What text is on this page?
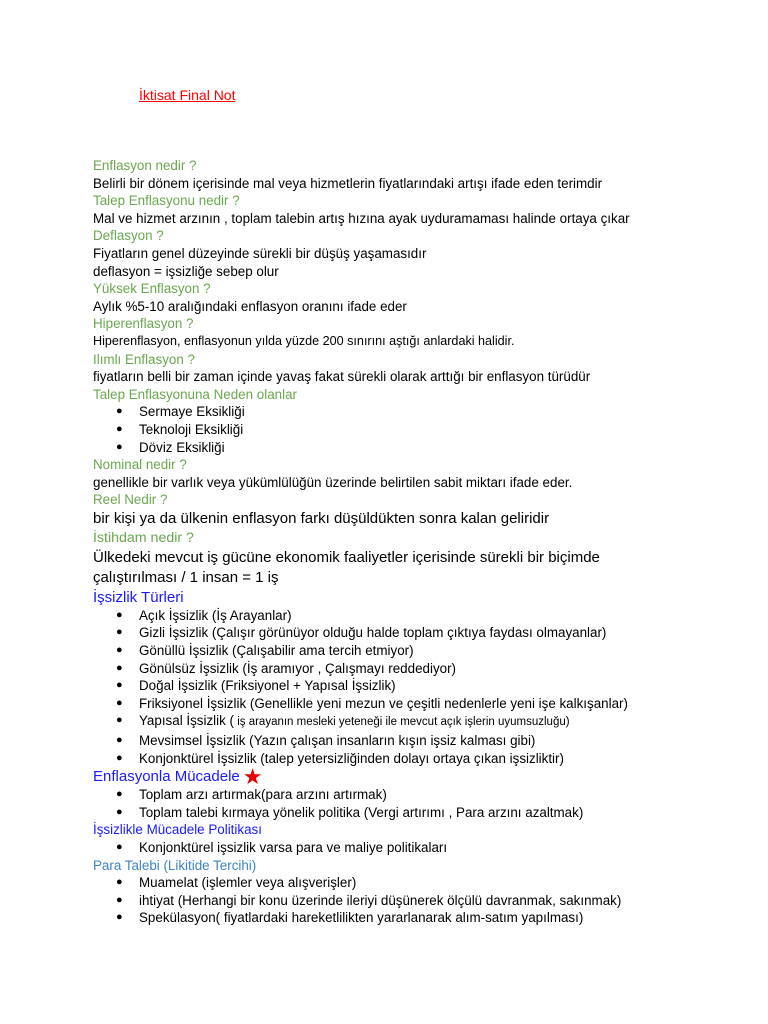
İktisat Final Not
Enflasyon nedir ?
Belirli bir dönem içerisinde mal veya hizmetlerin fiyatlarındaki artışı ifade eden terimdir
Talep Enflasyonu nedir ?
Mal ve hizmet arzının , toplam talebin artış hızına ayak uyduramaması halinde ortaya çıkar
Deflasyon ?
Fiyatların genel düzeyinde sürekli bir düşüş yaşamasıdır
deflasyon = işsizliğe sebep olur
Yüksek Enflasyon ?
Aylık %5-10 aralığındaki enflasyon oranını ifade eder
Hiperenflasyon ?
Hiperenflasyon, enflasyonun yılda yüzde 200 sınırını aştığı anlardaki halidir.
Ilımlı Enflasyon ?
fiyatların belli bir zaman içinde yavaş fakat sürekli olarak arttığı bir enflasyon türüdür
Talep Enflasyonuna Neden olanlar
● Sermaye Eksikliği
● Teknoloji Eksikliği
● Döviz Eksikliği
Nominal nedir ?
genellikle bir varlık veya yükümlülüğün üzerinde belirtilen sabit miktarı ifade eder.
Reel Nedir ?
bir kişi ya da ülkenin enflasyon farkı düşüldükten sonra kalan geliridir
İstihdam nedir ?
Ülkedeki mevcut iş gücüne ekonomik faaliyetler içerisinde sürekli bir biçimde
çalıştırılması / 1 insan = 1 iş
İşsizlik Türleri
● Açık İşsizlik (İş Arayanlar)
● Gizli İşsizlik (Çalışır görünüyor olduğu halde toplam çıktıya faydası olmayanlar)
● Gönüllü İşsizlik (Çalışabilir ama tercih etmiyor)
● Gönülsüz İşsizlik (İş aramıyor , Çalışmayı reddediyor)
● Doğal İşsizlik (Friksiyonel + Yapısal İşsizlik)
● Friksiyonel İşsizlik (Genellikle yeni mezun ve çeşitli nedenlerle yeni işe kalkışanlar)
● Yapısal İşsizlik ( iş arayanın mesleki yeteneği ile mevcut açık işlerin uyumsuzluğu)
● Mevsimsel İşsizlik (Yazın çalışan insanların kışın işsiz kalması gibi)
● Konjonktürel İşsizlik (talep yetersizliğinden dolayı ortaya çıkan işsizliktir)
Enflasyonla Mücadele ★
● Toplam arzı artırmak(para arzını artırmak)
● Toplam talebi kırmaya yönelik politika (Vergi artırımı , Para arzını azaltmak)
İşsizlikle Mücadele Politikası
● Konjonktürel işsizlik varsa para ve maliye politikaları
Para Talebi (Likitide Tercihi)
● Muamelat (işlemler veya alışverişler)
● ihtiyat (Herhangi bir konu üzerinde ileriyi düşünerek ölçülü davranmak, sakınmak)
● Spekülasyon( fiyatlardaki hareketlilikten yararlanarak alım-satım yapılması)
